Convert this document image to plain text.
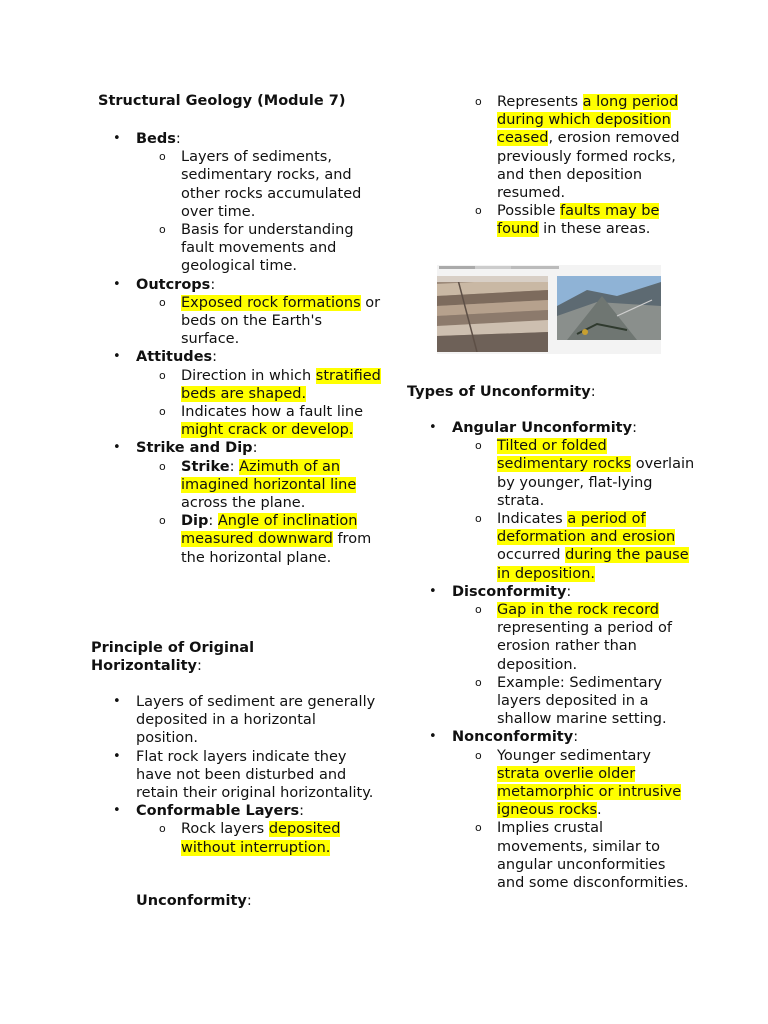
Structural Geology (Module 7)
• Beds:
o Layers of sediments, sedimentary rocks, and other rocks accumulated over time.
o Basis for understanding fault movements and geological time.
• Outcrops:
o Exposed rock formations or beds on the Earth's surface.
• Attitudes:
o Direction in which stratified beds are shaped.
o Indicates how a fault line might crack or develop.
• Strike and Dip:
o Strike: Azimuth of an imagined horizontal line across the plane.
o Dip: Angle of inclination measured downward from the horizontal plane.
Principle of Original Horizontality:
• Layers of sediment are generally deposited in a horizontal position.
• Flat rock layers indicate they have not been disturbed and retain their original horizontality.
• Conformable Layers:
o Rock layers deposited without interruption.
Unconformity:
o Represents a long period during which deposition ceased, erosion removed previously formed rocks, and then deposition resumed.
o Possible faults may be found in these areas.
Types of Unconformity:
• Angular Unconformity:
o Tilted or folded sedimentary rocks overlain by younger, flat-lying strata.
o Indicates a period of deformation and erosion occurred during the pause in deposition.
• Disconformity:
o Gap in the rock record representing a period of erosion rather than deposition.
o Example: Sedimentary layers deposited in a shallow marine setting.
• Nonconformity:
o Younger sedimentary strata overlie older metamorphic or intrusive igneous rocks.
o Implies crustal movements, similar to angular unconformities and some disconformities.
